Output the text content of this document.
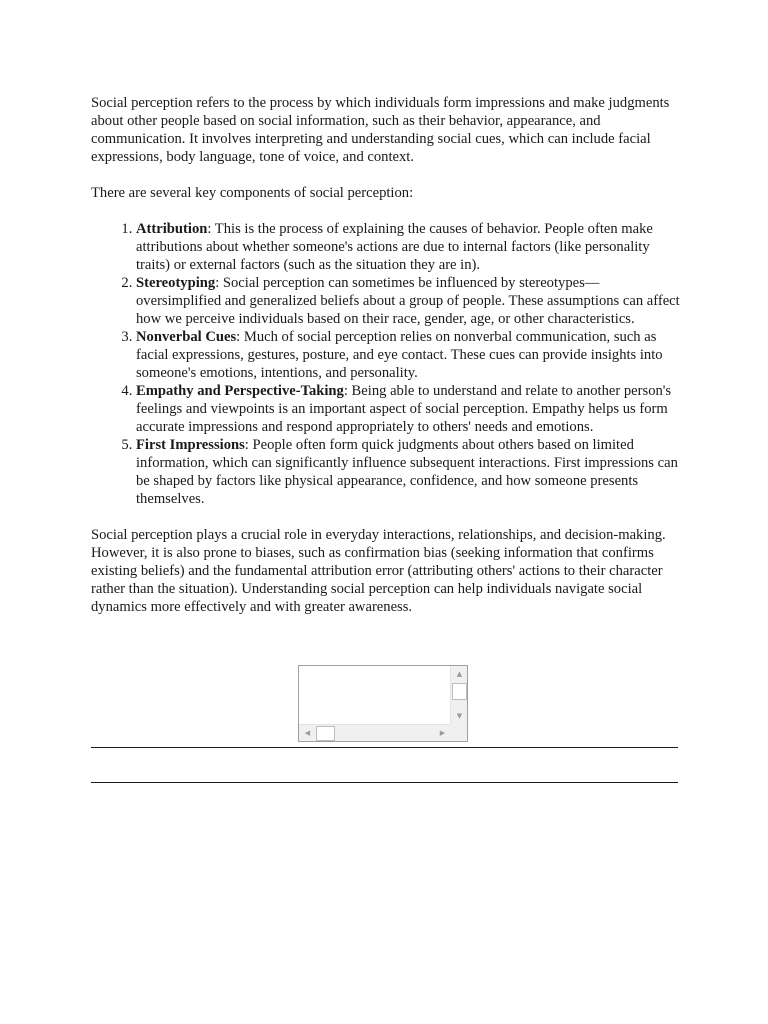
Social perception refers to the process by which individuals form impressions and make judgments about other people based on social information, such as their behavior, appearance, and communication. It involves interpreting and understanding social cues, which can include facial expressions, body language, tone of voice, and context.

There are several key components of social perception:

1. Attribution: This is the process of explaining the causes of behavior. People often make attributions about whether someone's actions are due to internal factors (like personality traits) or external factors (such as the situation they are in).
2. Stereotyping: Social perception can sometimes be influenced by stereotypes—oversimplified and generalized beliefs about a group of people. These assumptions can affect how we perceive individuals based on their race, gender, age, or other characteristics.
3. Nonverbal Cues: Much of social perception relies on nonverbal communication, such as facial expressions, gestures, posture, and eye contact. These cues can provide insights into someone's emotions, intentions, and personality.
4. Empathy and Perspective-Taking: Being able to understand and relate to another person's feelings and viewpoints is an important aspect of social perception. Empathy helps us form accurate impressions and respond appropriately to others' needs and emotions.
5. First Impressions: People often form quick judgments about others based on limited information, which can significantly influence subsequent interactions. First impressions can be shaped by factors like physical appearance, confidence, and how someone presents themselves.

Social perception plays a crucial role in everyday interactions, relationships, and decision-making. However, it is also prone to biases, such as confirmation bias (seeking information that confirms existing beliefs) and the fundamental attribution error (attributing others' actions to their character rather than the situation). Understanding social perception can help individuals navigate social dynamics more effectively and with greater awareness.

▲
▼
◀	▶
